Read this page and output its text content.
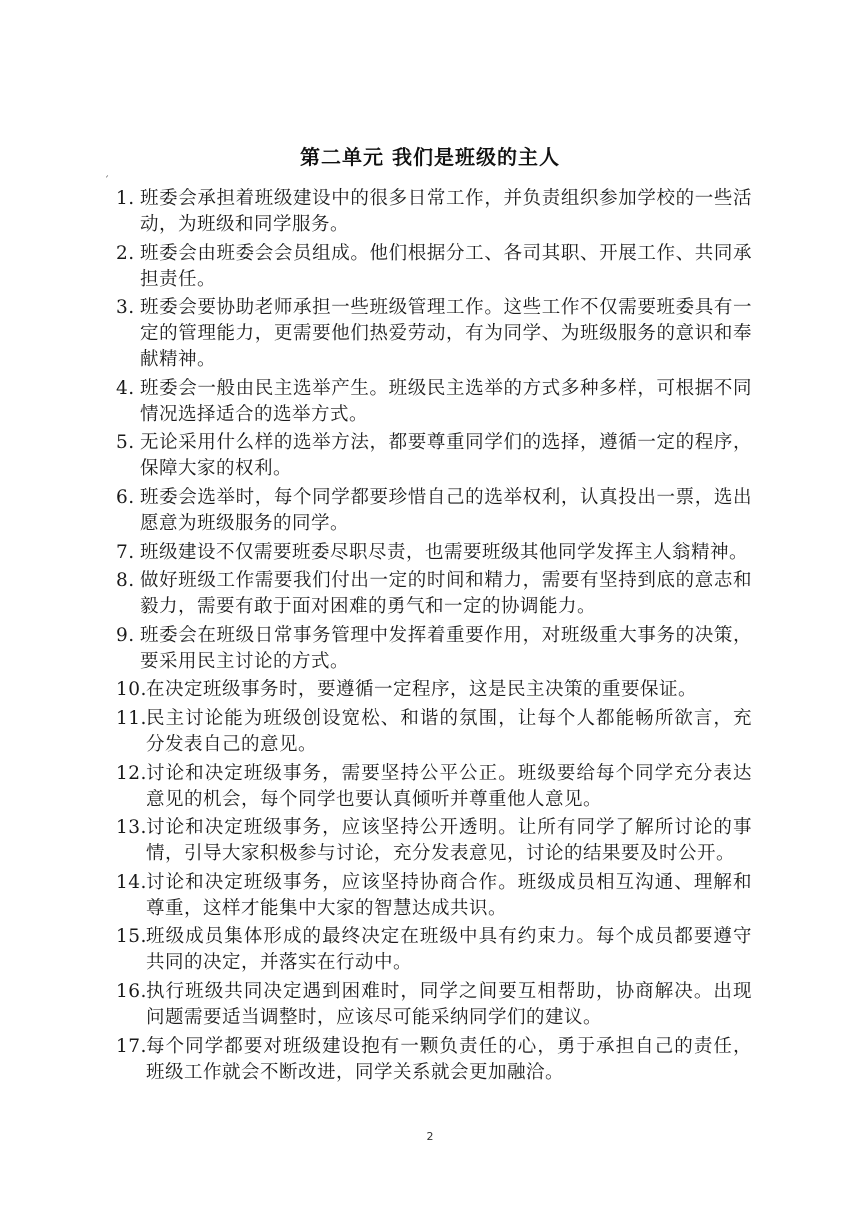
第二单元 我们是班级的主人
ˊ
1. 班委会承担着班级建设中的很多日常工作，并负责组织参加学校的一些活动，为班级和同学服务。
2. 班委会由班委会会员组成。他们根据分工、各司其职、开展工作、共同承担责任。
3. 班委会要协助老师承担一些班级管理工作。这些工作不仅需要班委具有一定的管理能力，更需要他们热爱劳动，有为同学、为班级服务的意识和奉献精神。
4. 班委会一般由民主选举产生。班级民主选举的方式多种多样，可根据不同情况选择适合的选举方式。
5. 无论采用什么样的选举方法，都要尊重同学们的选择，遵循一定的程序，保障大家的权利。
6. 班委会选举时，每个同学都要珍惜自己的选举权利，认真投出一票，选出愿意为班级服务的同学。
7. 班级建设不仅需要班委尽职尽责，也需要班级其他同学发挥主人翁精神。
8. 做好班级工作需要我们付出一定的时间和精力，需要有坚持到底的意志和毅力，需要有敢于面对困难的勇气和一定的协调能力。
9. 班委会在班级日常事务管理中发挥着重要作用，对班级重大事务的决策，要采用民主讨论的方式。
10. 在决定班级事务时，要遵循一定程序，这是民主决策的重要保证。
11. 民主讨论能为班级创设宽松、和谐的氛围，让每个人都能畅所欲言，充分发表自己的意见。
12. 讨论和决定班级事务，需要坚持公平公正。班级要给每个同学充分表达意见的机会，每个同学也要认真倾听并尊重他人意见。
13. 讨论和决定班级事务，应该坚持公开透明。让所有同学了解所讨论的事情，引导大家积极参与讨论，充分发表意见，讨论的结果要及时公开。
14. 讨论和决定班级事务，应该坚持协商合作。班级成员相互沟通、理解和尊重，这样才能集中大家的智慧达成共识。
15. 班级成员集体形成的最终决定在班级中具有约束力。每个成员都要遵守共同的决定，并落实在行动中。
16. 执行班级共同决定遇到困难时，同学之间要互相帮助，协商解决。出现问题需要适当调整时，应该尽可能采纳同学们的建议。
17. 每个同学都要对班级建设抱有一颗负责任的心，勇于承担自己的责任，班级工作就会不断改进，同学关系就会更加融洽。
2
